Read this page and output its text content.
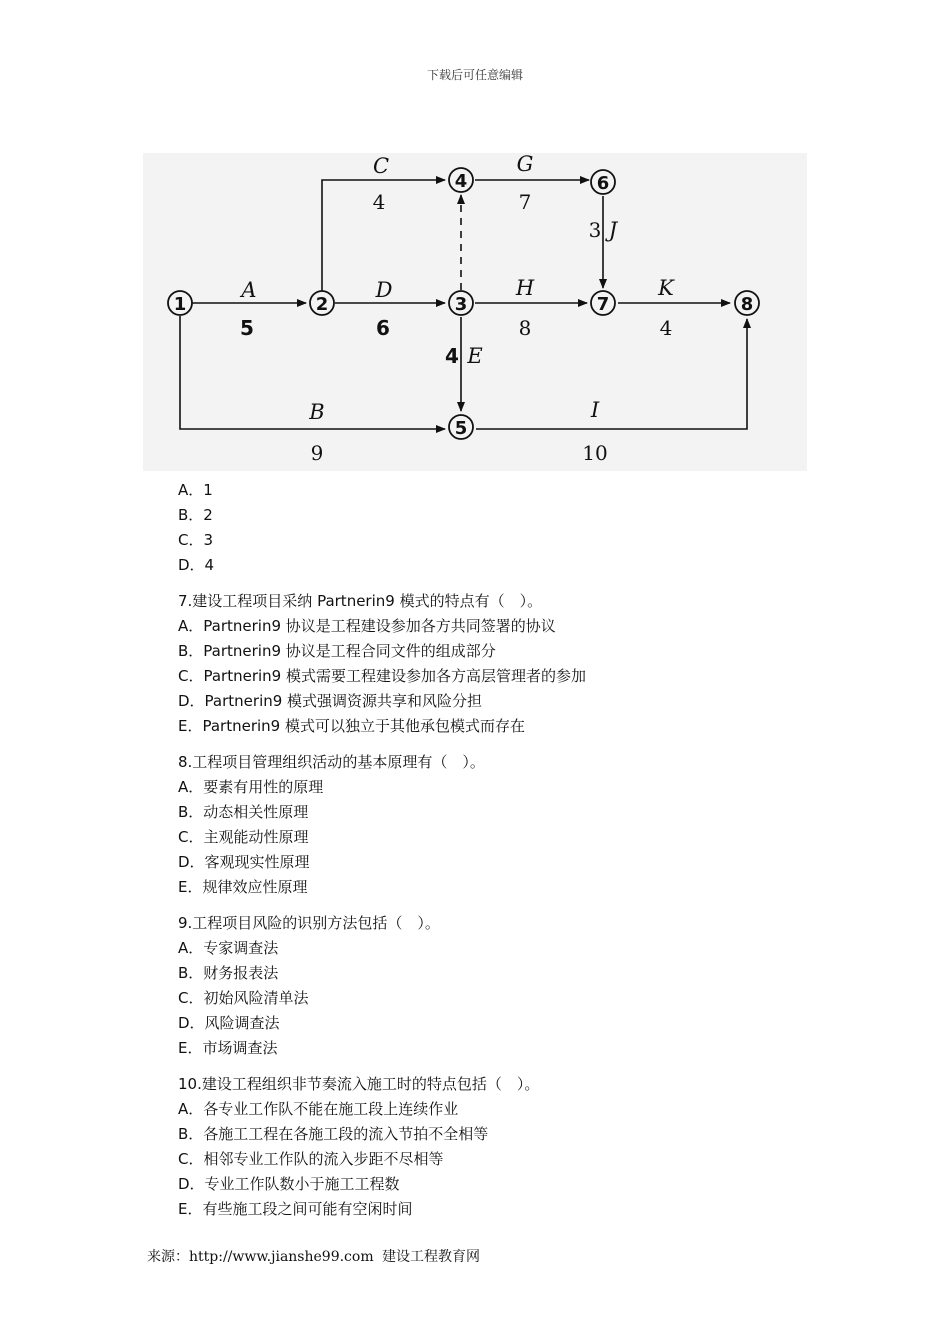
下载后可任意编辑
1	2	3
4
5
6
7	8
A
5
B
9
C
4
D
6
E
4
G
7
H
8
I
10
J
3
K
4
A．1
B．2
C．3
D．4
7.建设工程项目采纳 Partnerin9 模式的特点有（　）。
A．Partnerin9 协议是工程建设参加各方共同签署的协议
B．Partnerin9 协议是工程合同文件的组成部分
C．Partnerin9 模式需要工程建设参加各方高层管理者的参加
D．Partnerin9 模式强调资源共享和风险分担
E．Partnerin9 模式可以独立于其他承包模式而存在
8.工程项目管理组织活动的基本原理有（　）。
A．要素有用性的原理
B．动态相关性原理
C．主观能动性原理
D．客观现实性原理
E．规律效应性原理
9.工程项目风险的识别方法包括（　）。
A．专家调查法
B．财务报表法
C．初始风险清单法
D．风险调查法
E．市场调查法
10.建设工程组织非节奏流入施工时的特点包括（　）。
A．各专业工作队不能在施工段上连续作业
B．各施工工程在各施工段的流入节拍不全相等
C．相邻专业工作队的流入步距不尽相等
D．专业工作队数小于施工工程数
E．有些施工段之间可能有空闲时间
来源：http://www.jianshe99.com 建设工程教育网
